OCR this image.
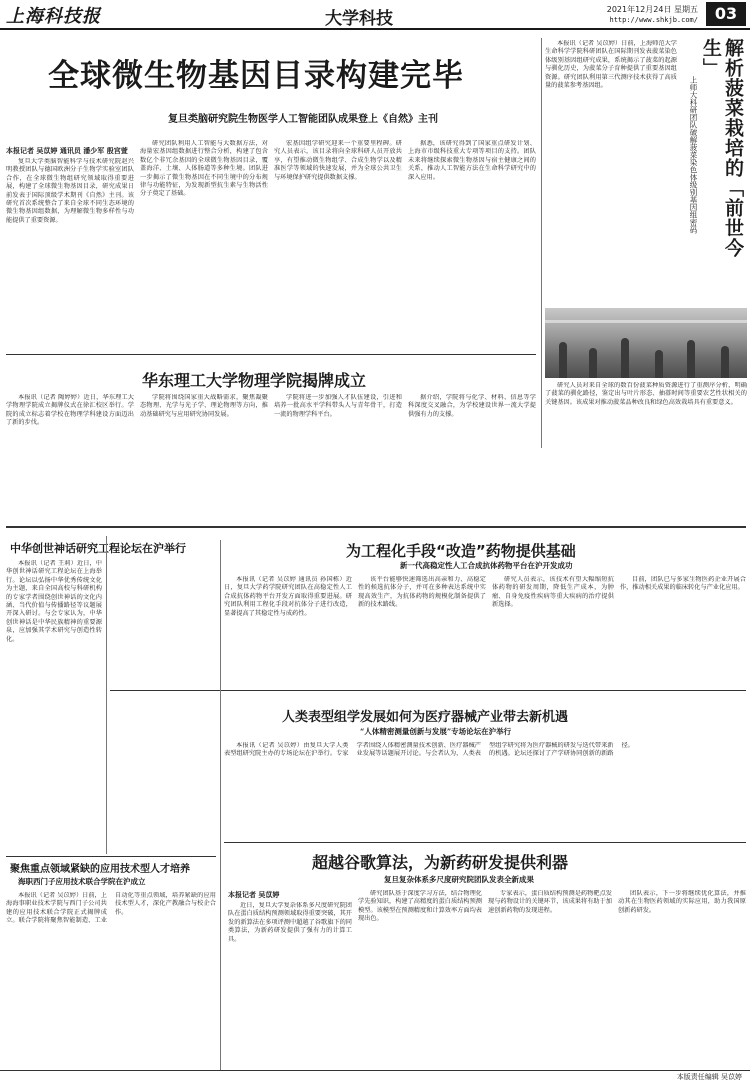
上海科技报	大学科技	2021年12月24日 星期五
http://www.shkjb.com/	03
全球微生物基因目录构建完毕
复旦类脑研究院生物医学人工智能团队成果登上《自然》主刊
本报记者 吴苡婷 通讯员 潘少军 殷宫萱

复旦大学类脑智能科学与技术研究院赵兴明教授团队与德国欧洲分子生物学实验室团队合作，在全球微生物组研究领域取得重要进展，构建了全球微生物基因目录，研究成果日前发表于国际顶级学术期刊《自然》主刊。该研究首次系统整合了来自全球不同生态环境的微生物基因组数据，为理解微生物多样性与功能提供了重要资源。

研究团队利用人工智能与大数据方法，对海量宏基因组数据进行整合分析，构建了包含数亿个非冗余基因的全球微生物基因目录，覆盖海洋、土壤、人体肠道等多种生境。团队进一步揭示了微生物基因在不同生境中的分布规律与功能特征，为发现新型抗生素与生物活性分子奠定了基础。

宏基因组学研究迎来一个重要里程碑。研究人员表示，该目录将向全球科研人员开放共享，有望推动微生物组学、合成生物学以及精准医学等领域的快速发展，并为全球公共卫生与环境保护研究提供数据支撑。

据悉，该研究得到了国家重点研发计划、上海市市级科技重大专项等项目的支持。团队未来将继续探索微生物基因与宿主健康之间的关系，推动人工智能方法在生命科学研究中的深入应用。	解析菠菜栽培的「前世今生」
上师大科研团队破解菠菜染色体级别基因组密码

本报讯（记者 吴苡婷）日前，上海师范大学生命科学学院科研团队在国际期刊发表菠菜染色体级别基因组研究成果，系统揭示了菠菜的起源与驯化历史，为菠菜分子育种提供了重要基因组资源。研究团队利用第三代测序技术获得了高质量的菠菜参考基因组。

研究人员对来自全球的数百份菠菜种质资源进行了重测序分析，明确了菠菜的驯化路径，鉴定出与叶片形态、抽薹时间等重要农艺性状相关的关键基因。该成果对推动菠菜品种改良和绿色高效栽培具有重要意义。

华东理工大学物理学院揭牌成立

本报讯（记者 陶婷婷）近日，华东理工大学物理学院成立揭牌仪式在徐汇校区举行。学院的成立标志着学校在物理学科建设方面迈出了新的步伐。

学院将围绕国家重大战略需求，聚焦凝聚态物理、光学与光子学、理论物理等方向，推动基础研究与应用研究协同发展。

学院将进一步加强人才队伍建设，引进和培养一批高水平学科带头人与青年骨干，打造一流的物理学科平台。

据介绍，学院将与化学、材料、信息等学科深度交叉融合，为学校建设世界一流大学提供强有力的支撑。

中华创世神话研究工程论坛在沪举行

本报讯（记者 王莉）近日，中华创世神话研究工程论坛在上海举行。论坛以弘扬中华优秀传统文化为主题，来自全国高校与科研机构的专家学者围绕创世神话的文化内涵、当代价值与传播路径等议题展开深入研讨。与会专家认为，中华创世神话是中华民族精神的重要源泉，应加强其学术研究与创造性转化。

为工程化手段“改造”药物提供基础
新一代高稳定性人工合成抗体药物平台在沪开发成功

本报讯（记者 吴苡婷 通讯员 孙国栋）近日，复旦大学药学院研究团队在高稳定性人工合成抗体药物平台开发方面取得重要进展。研究团队利用工程化手段对抗体分子进行改造，显著提高了其稳定性与成药性。

该平台能够快速筛选出高亲和力、高稳定性的候选抗体分子，并可在多种表达系统中实现高效生产，为抗体药物的规模化制备提供了新的技术路线。

研究人员表示，该技术有望大幅缩短抗体药物的研发周期，降低生产成本，为肿瘤、自身免疫性疾病等重大疾病的治疗提供新选择。

目前，团队已与多家生物医药企业开展合作，推动相关成果的临床转化与产业化应用。

人类表型组学发展如何为医疗器械产业带去新机遇
“人体精密测量创新与发展”专场论坛在沪举行

本报讯（记者 吴苡婷）由复旦大学人类表型组研究院主办的专场论坛在沪举行。专家学者围绕人体精密测量技术创新、医疗器械产业发展等话题展开讨论。与会者认为，人类表型组学研究将为医疗器械的研发与迭代带来新的机遇。论坛还探讨了产学研协同创新的新路径。

聚焦重点领域紧缺的应用技术型人才培养
海职西门子应用技术联合学院在沪成立

本报讯（记者 吴苡婷）日前，上海海事职业技术学院与西门子公司共建的应用技术联合学院正式揭牌成立。联合学院将聚焦智能制造、工业自动化等重点领域，培养紧缺的应用技术型人才，深化产教融合与校企合作。

超越谷歌算法，为新药研发提供利器
复旦复杂体系多尺度研究院团队发表全新成果
本报记者 吴苡婷

近日，复旦大学复杂体系多尺度研究院团队在蛋白质结构预测领域取得重要突破，其开发的新算法在多项评测中超越了谷歌旗下的同类算法，为新药研发提供了强有力的计算工具。

研究团队基于深度学习方法，结合物理化学先验知识，构建了高精度的蛋白质结构预测模型。该模型在预测精度和计算效率方面均表现出色。

专家表示，蛋白质结构预测是药物靶点发现与药物设计的关键环节，该成果将有助于加速创新药物的发现进程。

团队表示，下一步将继续优化算法，并推动其在生物医药领域的实际应用，助力我国原创新药研发。

本版责任编辑 吴苡婷
